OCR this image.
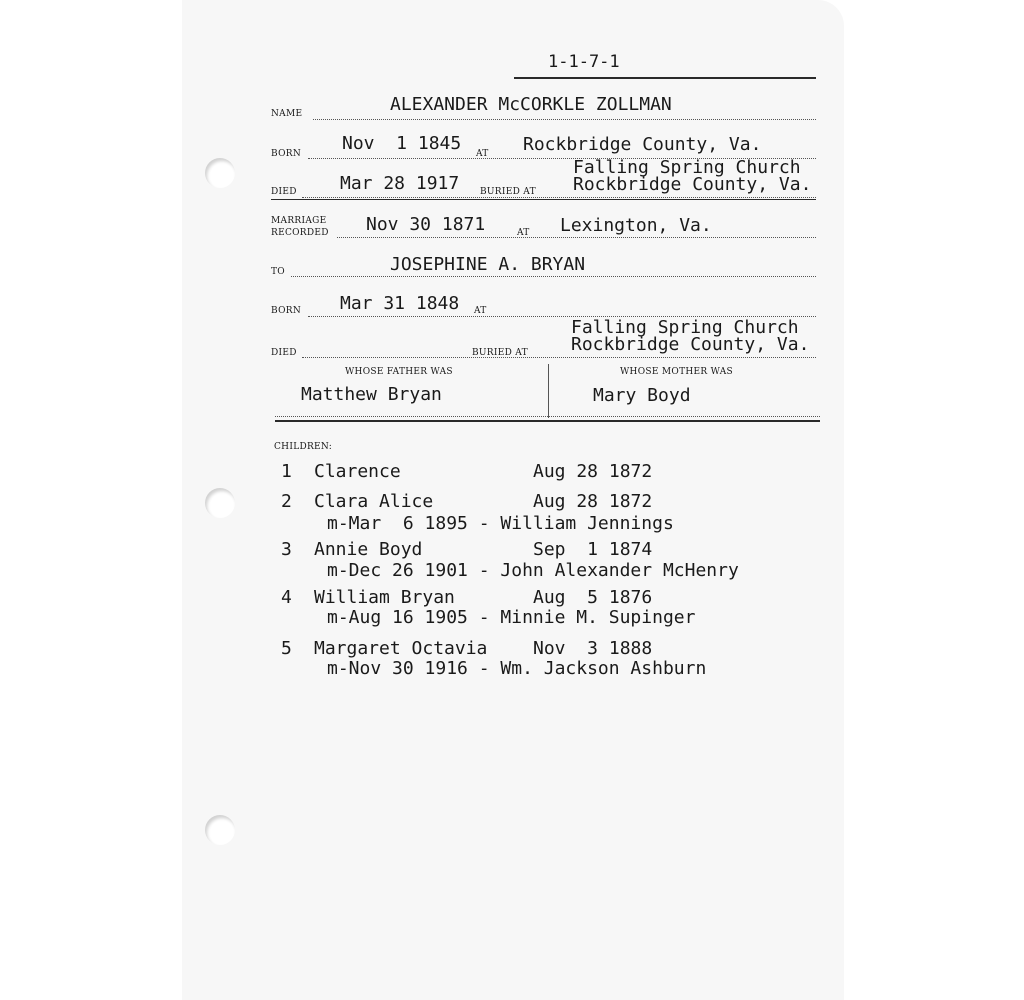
1-1-7-1
NAME	ALEXANDER McCORKLE ZOLLMAN
BORN Nov  1 1845 AT Rockbridge County, Va.
DIED Mar 28 1917 BURIED AT
Falling Spring Church
Rockbridge County, Va.
MARRIAGE
RECORDED Nov 30 1871	AT Lexington, Va.
TO	JOSEPHINE A. BRYAN
BORN Mar 31 1848 AT
DIED	BURIED AT
Falling Spring Church
Rockbridge County, Va.
WHOSE FATHER WAS	WHOSE MOTHER WAS
Matthew Bryan	Mary Boyd
CHILDREN:
1 Clarence	Aug 28 1872
2 Clara Alice	Aug 28 1872
m-Mar  6 1895 - William Jennings
3 Annie Boyd	Sep  1 1874
m-Dec 26 1901 - John Alexander McHenry
4 William Bryan	Aug  5 1876
m-Aug 16 1905 - Minnie M. Supinger
5 Margaret Octavia	Nov  3 1888
m-Nov 30 1916 - Wm. Jackson Ashburn
